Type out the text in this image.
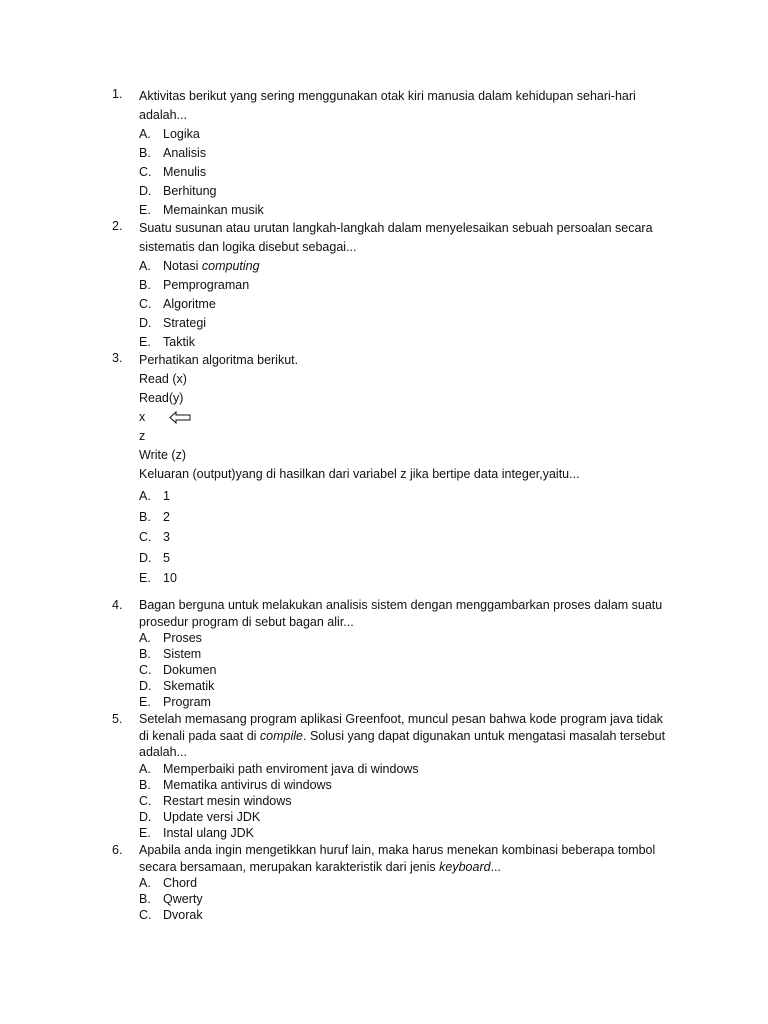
1. Aktivitas berikut yang sering menggunakan otak kiri manusia dalam kehidupan sehari-hari adalah...
A. Logika
B. Analisis
C. Menulis
D. Berhitung
E. Memainkan musik
2. Suatu susunan atau urutan langkah-langkah dalam menyelesaikan sebuah persoalan secara sistematis dan logika disebut sebagai...
A. Notasi computing
B. Pemprograman
C. Algoritme
D. Strategi
E. Taktik
3. Perhatikan algoritma berikut.
Read (x)
Read(y)
x
z
Write (z)
Keluaran (output)yang di hasilkan dari variabel z jika bertipe data integer,yaitu...
A. 1
B. 2
C. 3
D. 5
E. 10
4. Bagan berguna untuk melakukan analisis sistem dengan menggambarkan proses dalam suatu prosedur program di sebut bagan alir...
A. Proses
B. Sistem
C. Dokumen
D. Skematik
E. Program
5. Setelah memasang program aplikasi Greenfoot, muncul pesan bahwa kode program java tidak di kenali pada saat di compile. Solusi yang dapat digunakan untuk mengatasi masalah tersebut adalah...
A. Memperbaiki path enviroment java di windows
B. Mematika antivirus di windows
C. Restart mesin windows
D. Update versi JDK
E. Instal ulang JDK
6. Apabila anda ingin mengetikkan huruf lain, maka harus menekan kombinasi beberapa tombol secara bersamaan, merupakan karakteristik dari jenis keyboard...
A. Chord
B. Qwerty
C. Dvorak
